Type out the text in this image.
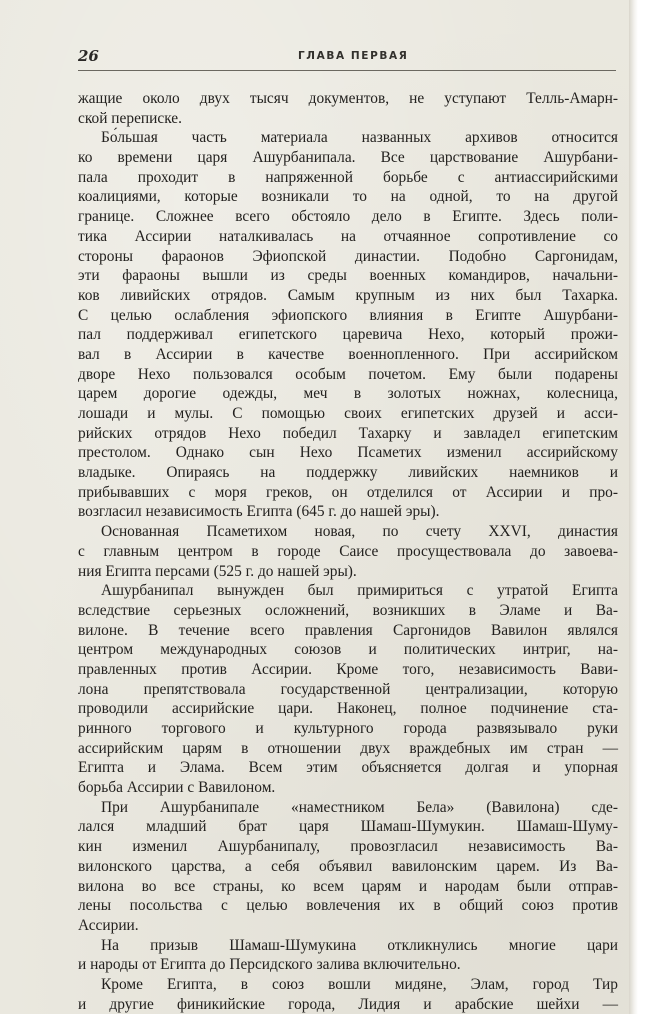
26	ГЛАВА ПЕРВАЯ
жащие около двух тысяч документов, не уступают Телль-Амарн-
ской переписке.
Бо́льшая часть материала названных архивов относится
ко времени царя Ашурбанипала. Все царствование Ашурбани-
пала проходит в напряженной борьбе с антиассирийскими
коалициями, которые возникали то на одной, то на другой
границе. Сложнее всего обстояло дело в Египте. Здесь поли-
тика Ассирии наталкивалась на отчаянное сопротивление со
стороны фараонов Эфиопской династии. Подобно Саргонидам,
эти фараоны вышли из среды военных командиров, начальни-
ков ливийских отрядов. Самым крупным из них был Тахарка.
С целью ослабления эфиопского влияния в Египте Ашурбани-
пал поддерживал египетского царевича Нехо, который прожи-
вал в Ассирии в качестве военнопленного. При ассирийском
дворе Нехо пользовался особым почетом. Ему были подарены
царем дорогие одежды, меч в золотых ножнах, колесница,
лошади и мулы. С помощью своих египетских друзей и асси-
рийских отрядов Нехо победил Тахарку и завладел египетским
престолом. Однако сын Нехо Псаметих изменил ассирийскому
владыке. Опираясь на поддержку ливийских наемников и
прибывавших с моря греков, он отделился от Ассирии и про-
возгласил независимость Египта (645 г. до нашей эры).
Основанная Псаметихом новая, по счету XXVI, династия
с главным центром в городе Саисе просуществовала до завоева-
ния Египта персами (525 г. до нашей эры).
Ашурбанипал вынужден был примириться с утратой Египта
вследствие серьезных осложнений, возникших в Эламе и Ва-
вилоне. В течение всего правления Саргонидов Вавилон являлся
центром международных союзов и политических интриг, на-
правленных против Ассирии. Кроме того, независимость Вави-
лона препятствовала государственной централизации, которую
проводили ассирийские цари. Наконец, полное подчинение ста-
ринного торгового и культурного города развязывало руки
ассирийским царям в отношении двух враждебных им стран —
Египта и Элама. Всем этим объясняется долгая и упорная
борьба Ассирии с Вавилоном.
При Ашурбанипале «наместником Бела» (Вавилона) сде-
лался младший брат царя Шамаш-Шумукин. Шамаш-Шуму-
кин изменил Ашурбанипалу, провозгласил независимость Ва-
вилонского царства, а себя объявил вавилонским царем. Из Ва-
вилона во все страны, ко всем царям и народам были отправ-
лены посольства с целью вовлечения их в общий союз против
Ассирии.
На призыв Шамаш-Шумукина откликнулись многие цари
и народы от Египта до Персидского залива включительно.
Кроме Египта, в союз вошли мидяне, Элам, город Тир
и другие финикийские города, Лидия и арабские шейхи —
